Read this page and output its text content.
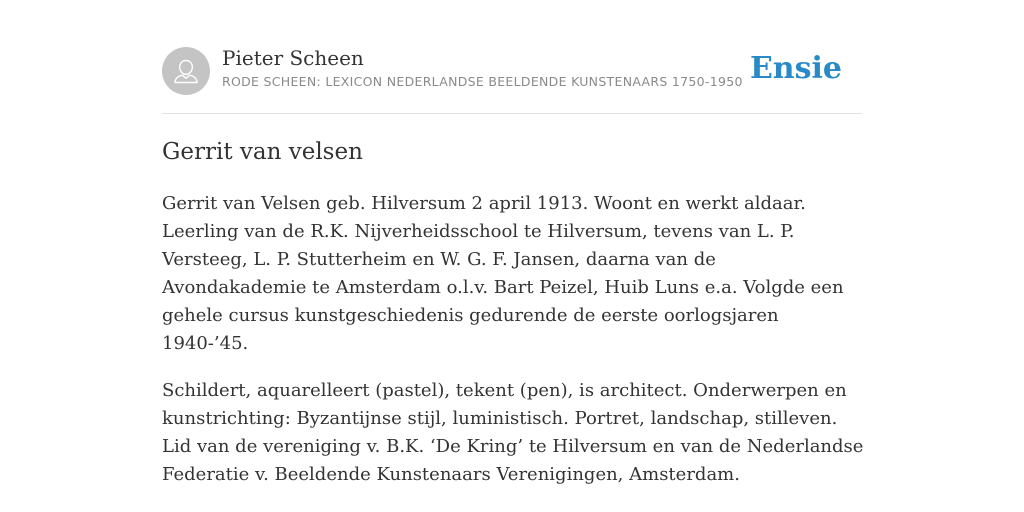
Pieter Scheen
RODE SCHEEN: LEXICON NEDERLANDSE BEELDENDE KUNSTENAARS 1750-1950 Ensie
Gerrit van velsen

Gerrit van Velsen geb. Hilversum 2 april 1913. Woont en werkt aldaar. Leerling van de R.K. Nijverheidsschool te Hilversum, tevens van L. P. Versteeg, L. P. Stutterheim en W. G. F. Jansen, daarna van de Avondakademie te Amsterdam o.l.v. Bart Peizel, Huib Luns e.a. Volgde een gehele cursus kunstgeschiedenis gedurende de eerste oorlogsjaren 1940-’45.

Schildert, aquarelleert (pastel), tekent (pen), is architect. Onderwerpen en kunstrichting: Byzantijnse stijl, luministisch. Portret, landschap, stilleven. Lid van de vereniging v. B.K. ‘De Kring’ te Hilversum en van de Nederlandse Federatie v. Beeldende Kunstenaars Verenigingen, Amsterdam.
